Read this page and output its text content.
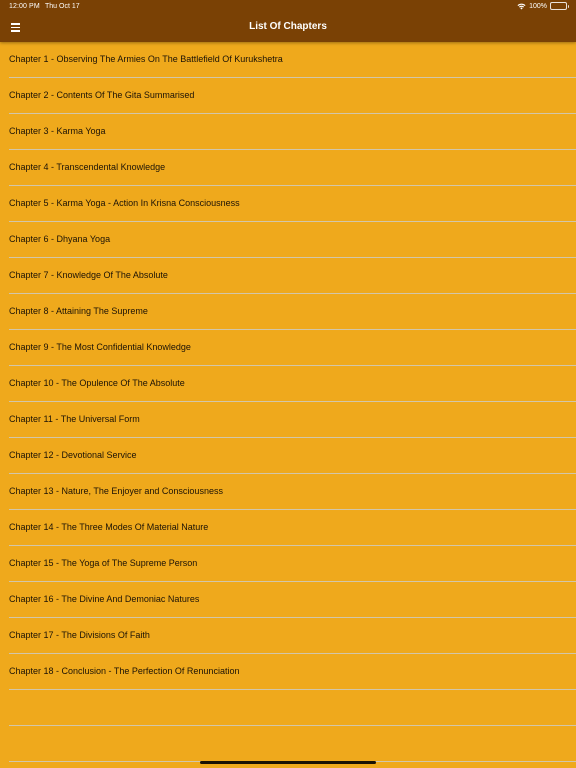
12:00 PM Thu Oct 17	100%
List Of Chapters
Chapter 1 - Observing The Armies On The Battlefield Of Kurukshetra
Chapter 2 - Contents Of The Gita Summarised
Chapter 3 - Karma Yoga
Chapter 4 - Transcendental Knowledge
Chapter 5 - Karma Yoga - Action In Krisna Consciousness
Chapter 6 - Dhyana Yoga
Chapter 7 - Knowledge Of The Absolute
Chapter 8 - Attaining The Supreme
Chapter 9 - The Most Confidential Knowledge
Chapter 10 - The Opulence Of The Absolute
Chapter 11 - The Universal Form
Chapter 12 - Devotional Service
Chapter 13 - Nature, The Enjoyer and Consciousness
Chapter 14 - The Three Modes Of Material Nature
Chapter 15 - The Yoga of The Supreme Person
Chapter 16 - The Divine And Demoniac Natures
Chapter 17 - The Divisions Of Faith
Chapter 18 - Conclusion - The Perfection Of Renunciation
